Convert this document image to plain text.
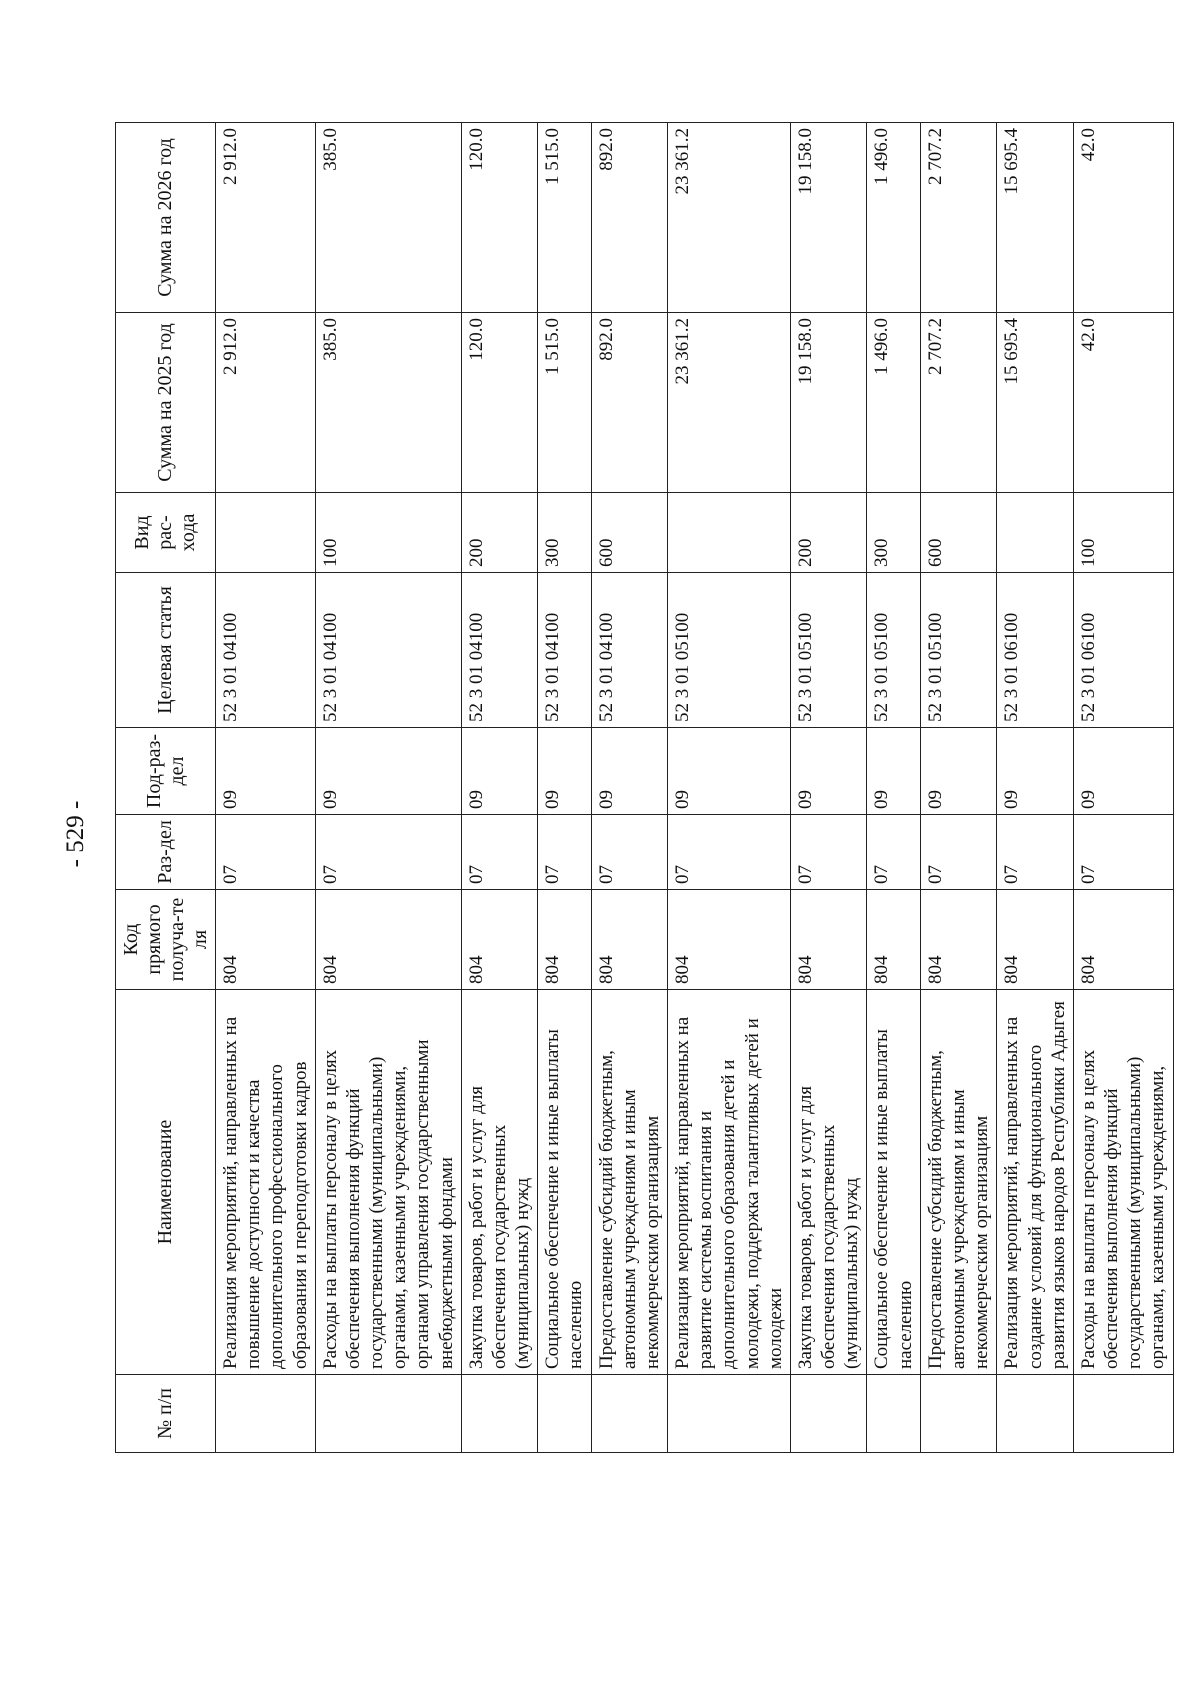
- 529 -
№ п/п	Наименование	Код прямого получа-те ля	Раз-дел	Под-раз-дел	Целевая статья	Вид рас-хода	Сумма на 2025 год	Сумма на 2026 год
	Реализация мероприятий, направленных на повышение доступности и качества дополнительного профессионального образования и переподготовки кадров	804	07	09	52 3 01 04100		2 912.0	2 912.0
	Расходы на выплаты персоналу в целях обеспечения выполнения функций государственными (муниципальными) органами, казенными учреждениями, органами управления государственными внебюджетными фондами	804	07	09	52 3 01 04100	100	385.0	385.0
	Закупка товаров, работ и услуг для обеспечения государственных (муниципальных) нужд	804	07	09	52 3 01 04100	200	120.0	120.0
	Социальное обеспечение и иные выплаты населению	804	07	09	52 3 01 04100	300	1 515.0	1 515.0
	Предоставление субсидий бюджетным, автономным учреждениям и иным некоммерческим организациям	804	07	09	52 3 01 04100	600	892.0	892.0
	Реализация мероприятий, направленных на развитие системы воспитания и дополнительного образования детей и молодежи, поддержка талантливых детей и молодежи	804	07	09	52 3 01 05100		23 361.2	23 361.2
	Закупка товаров, работ и услуг для обеспечения государственных (муниципальных) нужд	804	07	09	52 3 01 05100	200	19 158.0	19 158.0
	Социальное обеспечение и иные выплаты населению	804	07	09	52 3 01 05100	300	1 496.0	1 496.0
	Предоставление субсидий бюджетным, автономным учреждениям и иным некоммерческим организациям	804	07	09	52 3 01 05100	600	2 707.2	2 707.2
	Реализация мероприятий, направленных на создание условий для функционального развития языков народов Республики Адыгея	804	07	09	52 3 01 06100		15 695.4	15 695.4
	Расходы на выплаты персоналу в целях обеспечения выполнения функций государственными (муниципальными) органами, казенными учреждениями,	804	07	09	52 3 01 06100	100	42.0	42.0
